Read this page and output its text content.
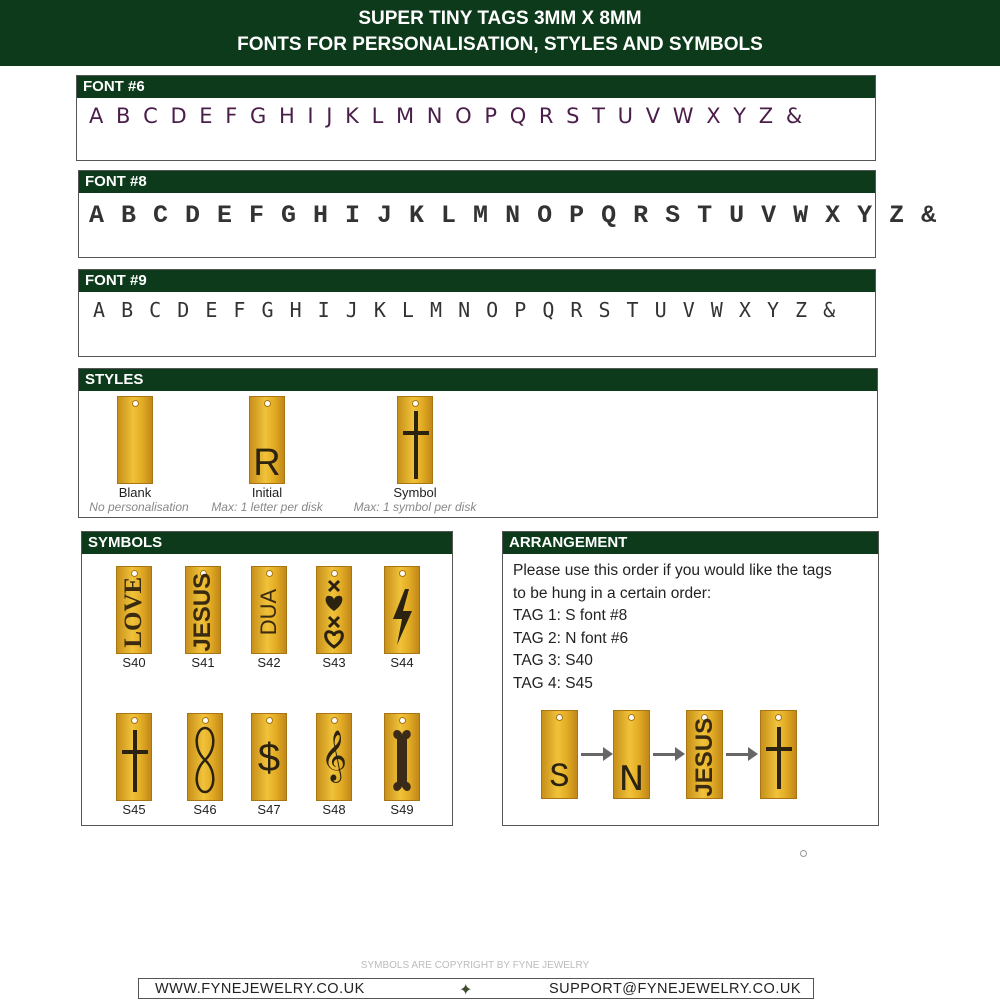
SUPER TINY TAGS 3MM X 8MM
FONTS FOR PERSONALISATION, STYLES AND SYMBOLS
FONT #6
A B C D E F G H I J K L M N O P Q R S T U V W X Y Z &
FONT #8
A B C D E F G H I J K L M N O P Q R S T U V W X Y Z &
FONT #9
A B C D E F G H I J K L M N O P Q R S T U V W X Y Z &
STYLES
Blank
No personalisation
R
Initial
Max: 1 letter per disk
Symbol
Max: 1 symbol per disk
SYMBOLS
LOVE
S40
JESUS
S41
DUA
S42	S43	S44
S45	S46
$
S47
𝄞
S48	S49
ARRANGEMENT
Please use this order if you would like the tags
to be hung in a certain order:
TAG 1: S font #8
TAG 2: N font #6
TAG 3: S40
TAG 4: S45
S N JESUS
SYMBOLS ARE COPYRIGHT BY FYNE JEWELRY
WWW.FYNEJEWELRY.CO.UK	✦	SUPPORT@FYNEJEWELRY.CO.UK
